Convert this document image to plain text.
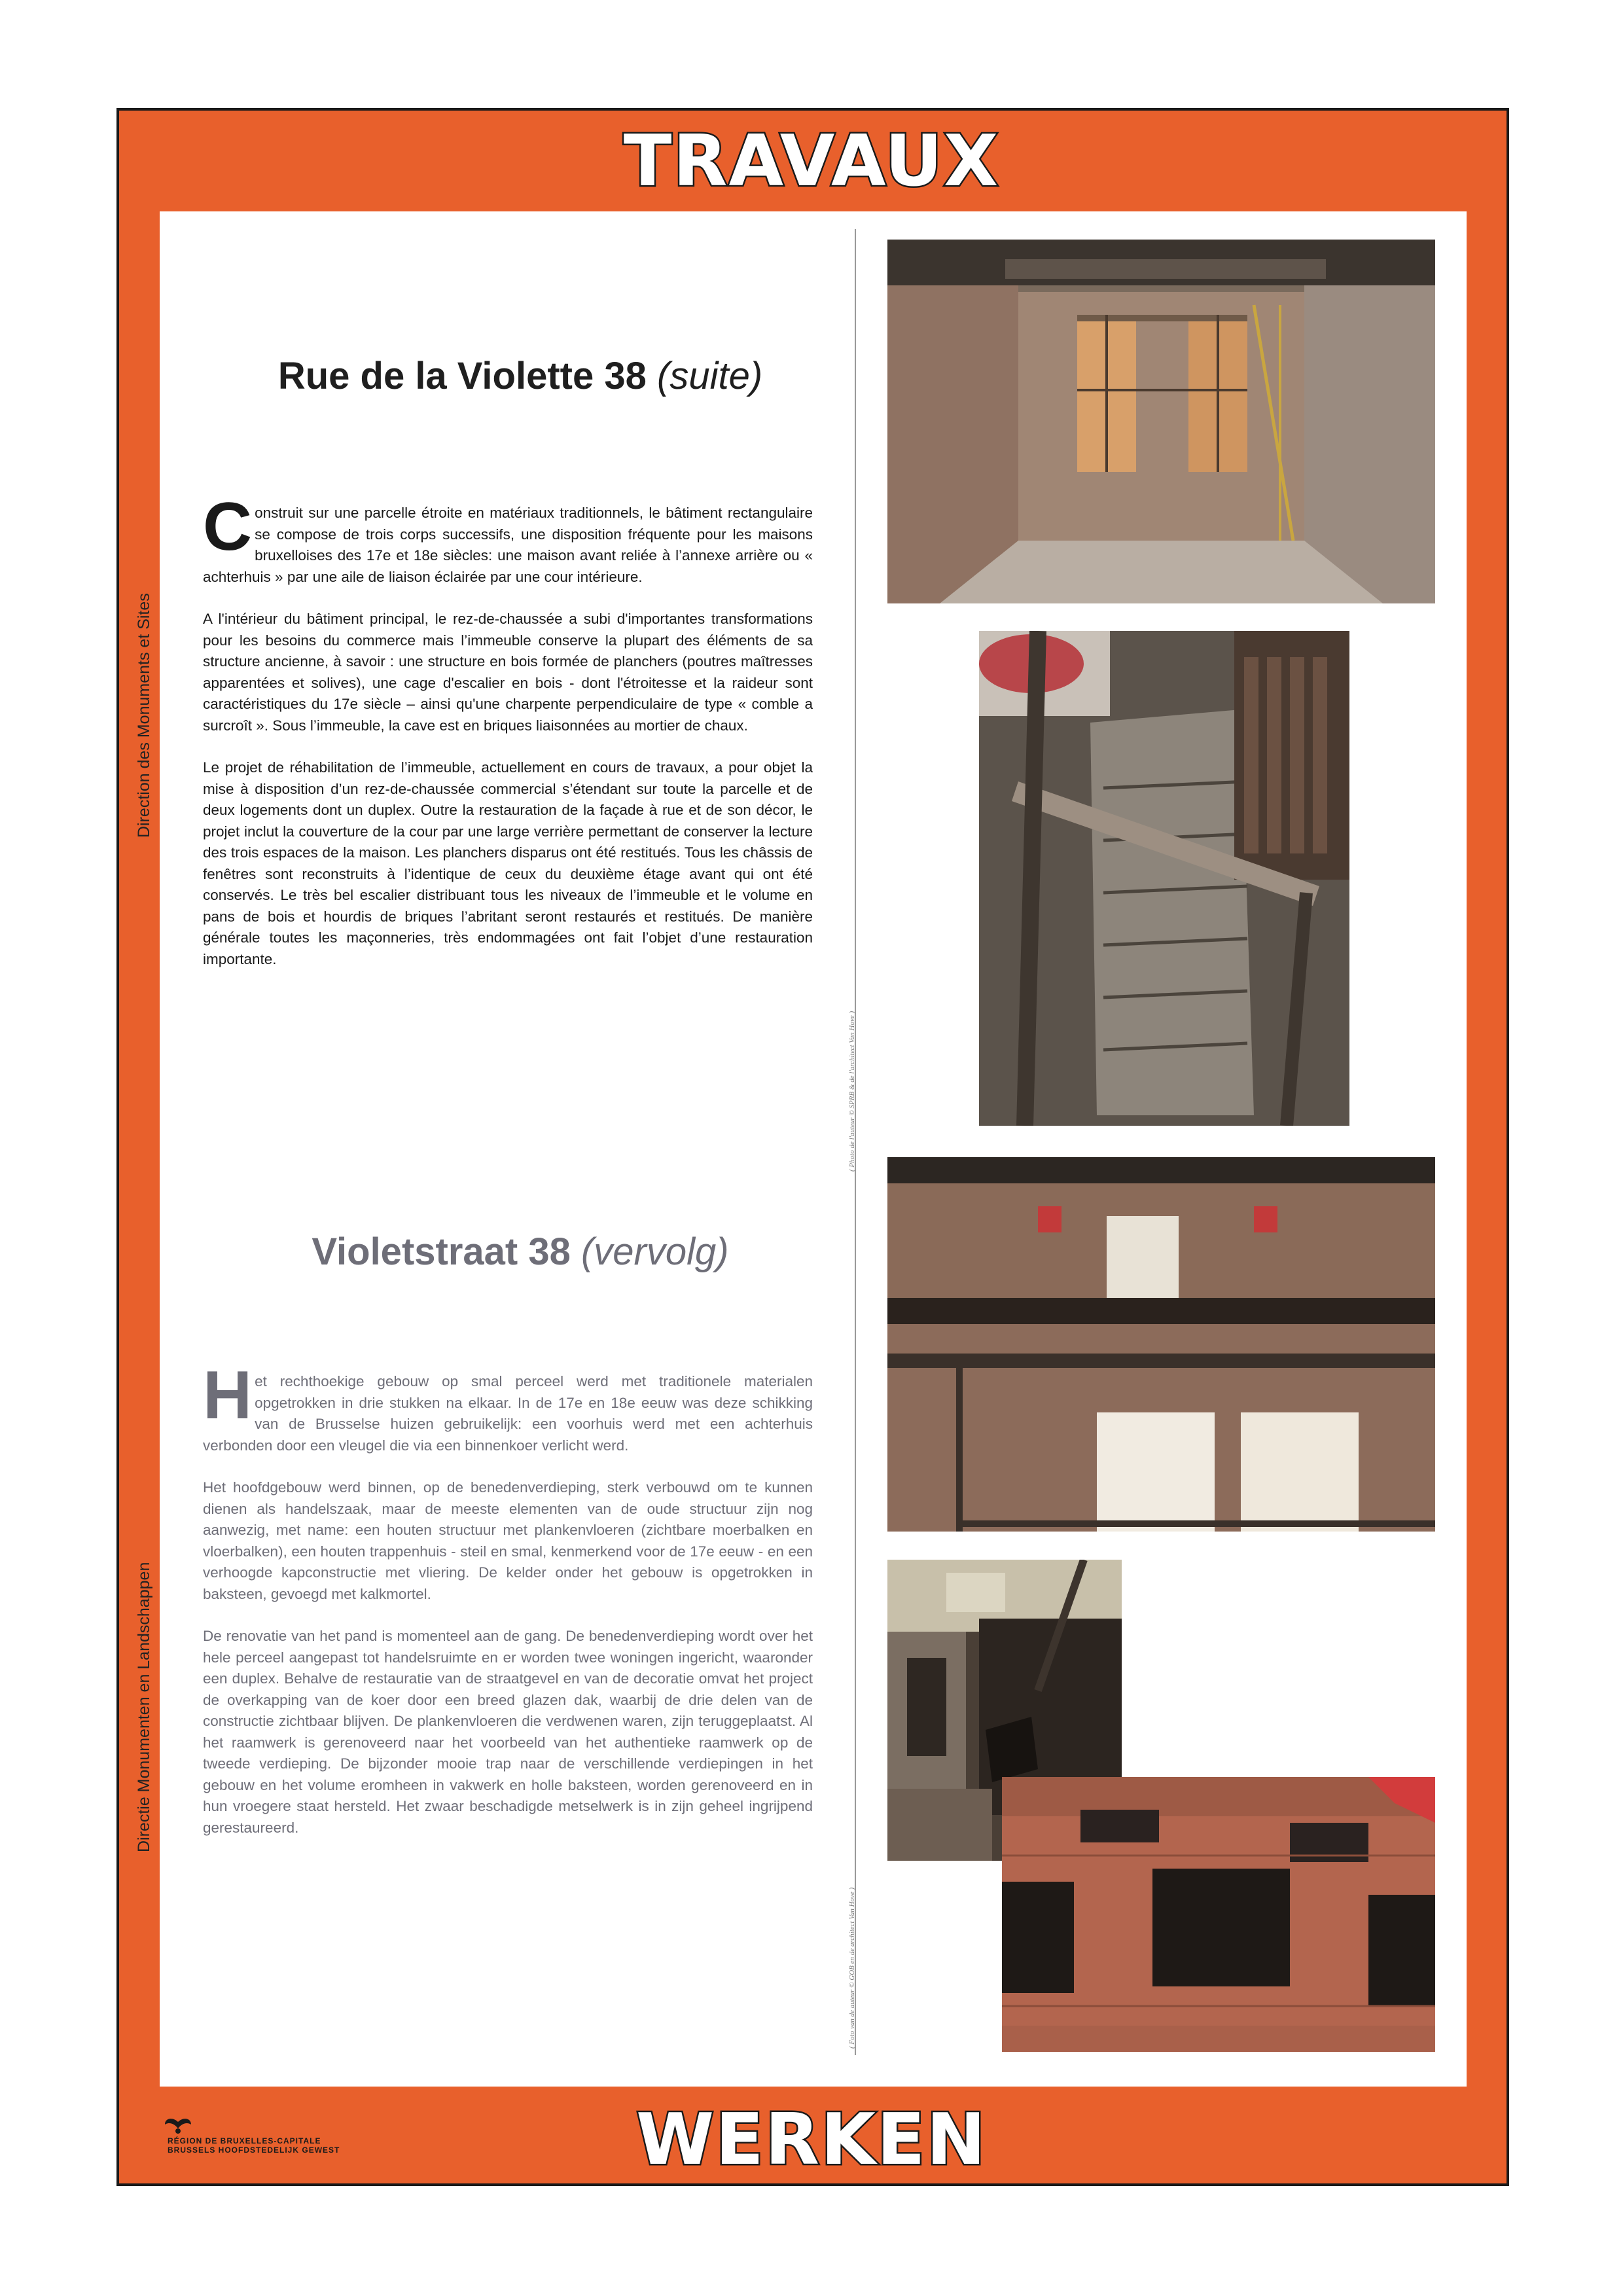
TRAVAUX
WERKEN
Direction des Monuments et Sites
Directie Monumenten en Landschappen
Rue de la Violette 38 (suite)

Construit sur une parcelle étroite en matériaux traditionnels, le bâtiment rectangulaire se compose de trois corps successifs, une disposition fréquente pour les maisons bruxelloises des 17e et 18e siècles: une maison avant reliée à l’annexe arrière ou « achterhuis » par une aile de liaison éclairée par une cour intérieure.

A l'intérieur du bâtiment principal, le rez-de-chaussée a subi d'importantes transformations pour les besoins du commerce mais l’immeuble conserve la plupart des éléments de sa structure ancienne, à savoir : une structure en bois formée de planchers (poutres maîtresses apparentées et solives), une cage d'escalier en bois - dont l'étroitesse et la raideur sont caractéristiques du 17e siècle – ainsi qu'une charpente perpendiculaire de type « comble a surcroît ». Sous l’immeuble, la cave est en briques liaisonnées au mortier de chaux.

Le projet de réhabilitation de l’immeuble, actuellement en cours de travaux, a pour objet la mise à disposition d’un rez-de-chaussée commercial s’étendant sur toute la parcelle et de deux logements dont un duplex. Outre la restauration de la façade à rue et de son décor, le projet inclut la couverture de la cour par une large verrière permettant de conserver la lecture des trois espaces de la maison. Les planchers disparus ont été restitués. Tous les châssis de fenêtres sont reconstruits à l’identique de ceux du deuxième étage avant qui ont été conservés. Le très bel escalier distribuant tous les niveaux de l’immeuble et le volume en pans de bois et hourdis de briques l’abritant seront restaurés et restitués. De manière générale toutes les maçonneries, très endommagées ont fait l’objet d’une restauration importante.

Violetstraat 38 (vervolg)

Het rechthoekige gebouw op smal perceel werd met traditionele materialen opgetrokken in drie stukken na elkaar. In de 17e en 18e eeuw was deze schikking van de Brusselse huizen gebruikelijk: een voorhuis werd met een achterhuis verbonden door een vleugel die via een binnenkoer verlicht werd.

Het hoofdgebouw werd binnen, op de benedenverdieping, sterk verbouwd om te kunnen dienen als handelszaak, maar de meeste elementen van de oude structuur zijn nog aanwezig, met name: een houten structuur met plankenvloeren (zichtbare moerbalken en vloerbalken), een houten trappenhuis - steil en smal, kenmerkend voor de 17e eeuw - en een verhoogde kapconstructie met vliering. De kelder onder het gebouw is opgetrokken in baksteen, gevoegd met kalkmortel.

De renovatie van het pand is momenteel aan de gang. De benedenverdieping wordt over het hele perceel aangepast tot handelsruimte en er worden twee woningen ingericht, waaronder een duplex. Behalve de restauratie van de straatgevel en van de decoratie omvat het project de overkapping van de koer door een breed glazen dak, waarbij de drie delen van de constructie zichtbaar blijven. De plankenvloeren die verdwenen waren, zijn teruggeplaatst. Al het raamwerk is gerenoveerd naar het voorbeeld van het authentieke raamwerk op de tweede verdieping. De bijzonder mooie trap naar de verschillende verdiepingen in het gebouw en het volume eromheen in vakwerk en holle baksteen, worden gerenoveerd en in hun vroegere staat hersteld. Het zwaar beschadigde metselwerk is in zijn geheel ingrijpend gerestaureerd.

( Photo de l'auteur © SPRB & de l'architect Van Hove )
( Foto van de auteur © GOB en de architect Van Hove )
RÉGION DE BRUXELLES-CAPITALE
BRUSSELS HOOFDSTEDELIJK GEWEST
